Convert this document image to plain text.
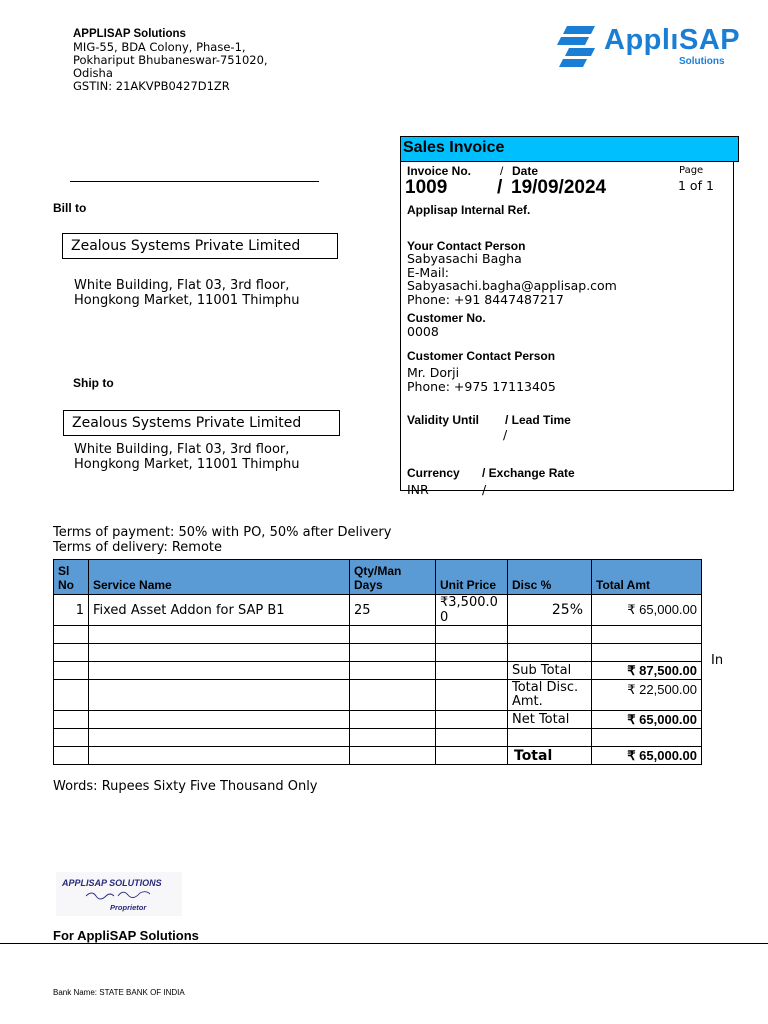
APPLISAP Solutions
MIG-55, BDA Colony, Phase-1,
Pokhariput Bhubaneswar-751020,
Odisha
GSTIN: 21AKVPB0427D1ZR
ApplıSAP
Solutions
Bill to
Zealous Systems Private Limited
White Building, Flat 03, 3rd floor,
Hongkong Market, 11001 Thimphu
Ship to
Zealous Systems Private Limited
White Building, Flat 03, 3rd floor,
Hongkong Market, 11001 Thimphu
Sales Invoice
Invoice No. / Date
1009	/ 19/09/2024
Page
1 of 1
Applisap Internal Ref.
Your Contact Person
Sabyasachi Bagha
E-Mail:
Sabyasachi.bagha@applisap.com
Phone: +91 8447487217
Customer No.
0008
Customer Contact Person
Mr. Dorji
Phone: +975 17113405
Validity Until / Lead Time
/
Currency / Exchange Rate
INR	/
Terms of payment: 50% with PO, 50% after Delivery
Terms of delivery: Remote
Sl No	Service Name	Qty/Man Days	Unit Price	Disc %	Total Amt
1	Fixed Asset Addon for SAP B1	25	₹3,500.00	25%	₹ 65,000.00

				Sub Total	₹ 87,500.00
				Total Disc. Amt.	₹ 22,500.00
				Net Total	₹ 65,000.00

				Total	₹ 65,000.00
In
Words: Rupees Sixty Five Thousand Only
APPLISAP SOLUTIONS
Proprietor
For AppliSAP Solutions
Bank Name: STATE BANK OF INDIA
